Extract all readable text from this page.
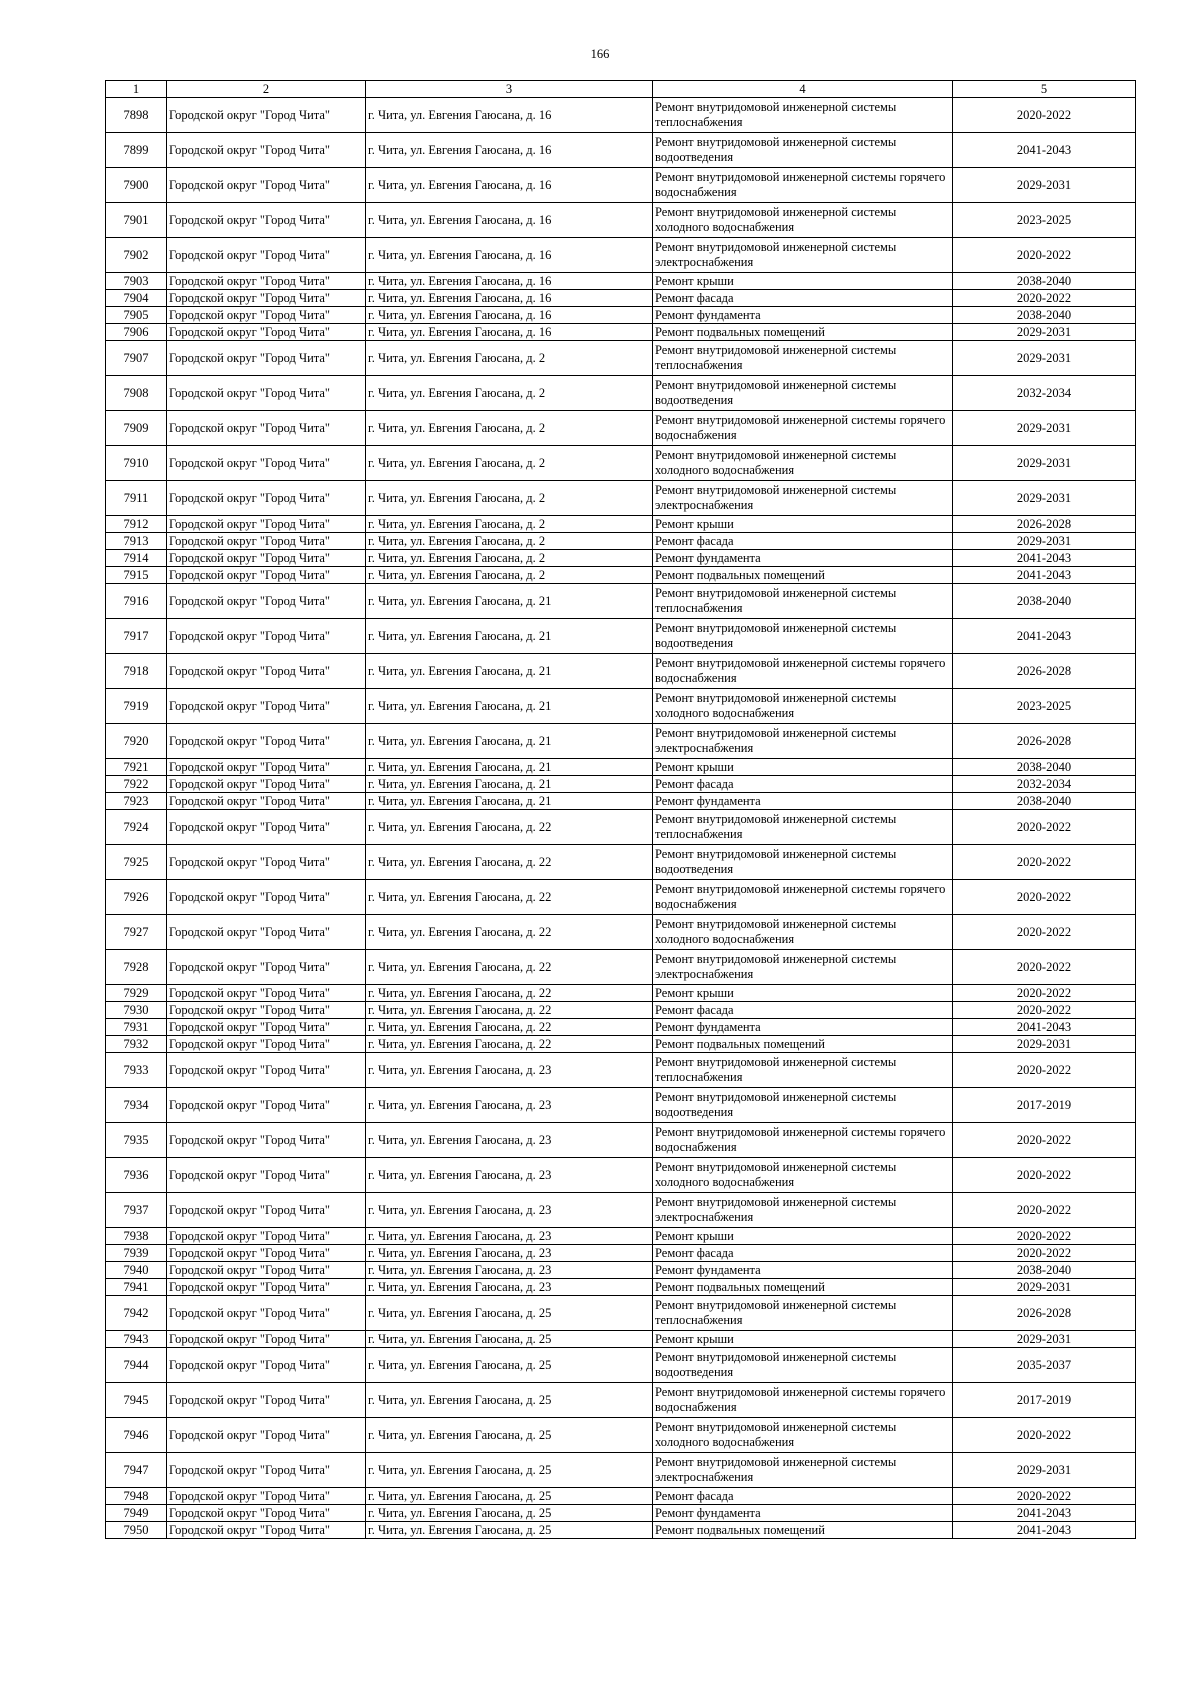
166
1	2	3	4	5
7898	Городской округ "Город Чита"	г. Чита, ул. Евгения Гаюсана, д. 16	Ремонт внутридомовой инженерной системы теплоснабжения	2020-2022
7899	Городской округ "Город Чита"	г. Чита, ул. Евгения Гаюсана, д. 16	Ремонт внутридомовой инженерной системы водоотведения	2041-2043
7900	Городской округ "Город Чита"	г. Чита, ул. Евгения Гаюсана, д. 16	Ремонт внутридомовой инженерной системы горячего водоснабжения	2029-2031
7901	Городской округ "Город Чита"	г. Чита, ул. Евгения Гаюсана, д. 16	Ремонт внутридомовой инженерной системы холодного водоснабжения	2023-2025
7902	Городской округ "Город Чита"	г. Чита, ул. Евгения Гаюсана, д. 16	Ремонт внутридомовой инженерной системы электроснабжения	2020-2022
7903	Городской округ "Город Чита"	г. Чита, ул. Евгения Гаюсана, д. 16	Ремонт крыши	2038-2040
7904	Городской округ "Город Чита"	г. Чита, ул. Евгения Гаюсана, д. 16	Ремонт фасада	2020-2022
7905	Городской округ "Город Чита"	г. Чита, ул. Евгения Гаюсана, д. 16	Ремонт фундамента	2038-2040
7906	Городской округ "Город Чита"	г. Чита, ул. Евгения Гаюсана, д. 16	Ремонт подвальных помещений	2029-2031
7907	Городской округ "Город Чита"	г. Чита, ул. Евгения Гаюсана, д. 2	Ремонт внутридомовой инженерной системы теплоснабжения	2029-2031
7908	Городской округ "Город Чита"	г. Чита, ул. Евгения Гаюсана, д. 2	Ремонт внутридомовой инженерной системы водоотведения	2032-2034
7909	Городской округ "Город Чита"	г. Чита, ул. Евгения Гаюсана, д. 2	Ремонт внутридомовой инженерной системы горячего водоснабжения	2029-2031
7910	Городской округ "Город Чита"	г. Чита, ул. Евгения Гаюсана, д. 2	Ремонт внутридомовой инженерной системы холодного водоснабжения	2029-2031
7911	Городской округ "Город Чита"	г. Чита, ул. Евгения Гаюсана, д. 2	Ремонт внутридомовой инженерной системы электроснабжения	2029-2031
7912	Городской округ "Город Чита"	г. Чита, ул. Евгения Гаюсана, д. 2	Ремонт крыши	2026-2028
7913	Городской округ "Город Чита"	г. Чита, ул. Евгения Гаюсана, д. 2	Ремонт фасада	2029-2031
7914	Городской округ "Город Чита"	г. Чита, ул. Евгения Гаюсана, д. 2	Ремонт фундамента	2041-2043
7915	Городской округ "Город Чита"	г. Чита, ул. Евгения Гаюсана, д. 2	Ремонт подвальных помещений	2041-2043
7916	Городской округ "Город Чита"	г. Чита, ул. Евгения Гаюсана, д. 21	Ремонт внутридомовой инженерной системы теплоснабжения	2038-2040
7917	Городской округ "Город Чита"	г. Чита, ул. Евгения Гаюсана, д. 21	Ремонт внутридомовой инженерной системы водоотведения	2041-2043
7918	Городской округ "Город Чита"	г. Чита, ул. Евгения Гаюсана, д. 21	Ремонт внутридомовой инженерной системы горячего водоснабжения	2026-2028
7919	Городской округ "Город Чита"	г. Чита, ул. Евгения Гаюсана, д. 21	Ремонт внутридомовой инженерной системы холодного водоснабжения	2023-2025
7920	Городской округ "Город Чита"	г. Чита, ул. Евгения Гаюсана, д. 21	Ремонт внутридомовой инженерной системы электроснабжения	2026-2028
7921	Городской округ "Город Чита"	г. Чита, ул. Евгения Гаюсана, д. 21	Ремонт крыши	2038-2040
7922	Городской округ "Город Чита"	г. Чита, ул. Евгения Гаюсана, д. 21	Ремонт фасада	2032-2034
7923	Городской округ "Город Чита"	г. Чита, ул. Евгения Гаюсана, д. 21	Ремонт фундамента	2038-2040
7924	Городской округ "Город Чита"	г. Чита, ул. Евгения Гаюсана, д. 22	Ремонт внутридомовой инженерной системы теплоснабжения	2020-2022
7925	Городской округ "Город Чита"	г. Чита, ул. Евгения Гаюсана, д. 22	Ремонт внутридомовой инженерной системы водоотведения	2020-2022
7926	Городской округ "Город Чита"	г. Чита, ул. Евгения Гаюсана, д. 22	Ремонт внутридомовой инженерной системы горячего водоснабжения	2020-2022
7927	Городской округ "Город Чита"	г. Чита, ул. Евгения Гаюсана, д. 22	Ремонт внутридомовой инженерной системы холодного водоснабжения	2020-2022
7928	Городской округ "Город Чита"	г. Чита, ул. Евгения Гаюсана, д. 22	Ремонт внутридомовой инженерной системы электроснабжения	2020-2022
7929	Городской округ "Город Чита"	г. Чита, ул. Евгения Гаюсана, д. 22	Ремонт крыши	2020-2022
7930	Городской округ "Город Чита"	г. Чита, ул. Евгения Гаюсана, д. 22	Ремонт фасада	2020-2022
7931	Городской округ "Город Чита"	г. Чита, ул. Евгения Гаюсана, д. 22	Ремонт фундамента	2041-2043
7932	Городской округ "Город Чита"	г. Чита, ул. Евгения Гаюсана, д. 22	Ремонт подвальных помещений	2029-2031
7933	Городской округ "Город Чита"	г. Чита, ул. Евгения Гаюсана, д. 23	Ремонт внутридомовой инженерной системы теплоснабжения	2020-2022
7934	Городской округ "Город Чита"	г. Чита, ул. Евгения Гаюсана, д. 23	Ремонт внутридомовой инженерной системы водоотведения	2017-2019
7935	Городской округ "Город Чита"	г. Чита, ул. Евгения Гаюсана, д. 23	Ремонт внутридомовой инженерной системы горячего водоснабжения	2020-2022
7936	Городской округ "Город Чита"	г. Чита, ул. Евгения Гаюсана, д. 23	Ремонт внутридомовой инженерной системы холодного водоснабжения	2020-2022
7937	Городской округ "Город Чита"	г. Чита, ул. Евгения Гаюсана, д. 23	Ремонт внутридомовой инженерной системы электроснабжения	2020-2022
7938	Городской округ "Город Чита"	г. Чита, ул. Евгения Гаюсана, д. 23	Ремонт крыши	2020-2022
7939	Городской округ "Город Чита"	г. Чита, ул. Евгения Гаюсана, д. 23	Ремонт фасада	2020-2022
7940	Городской округ "Город Чита"	г. Чита, ул. Евгения Гаюсана, д. 23	Ремонт фундамента	2038-2040
7941	Городской округ "Город Чита"	г. Чита, ул. Евгения Гаюсана, д. 23	Ремонт подвальных помещений	2029-2031
7942	Городской округ "Город Чита"	г. Чита, ул. Евгения Гаюсана, д. 25	Ремонт внутридомовой инженерной системы теплоснабжения	2026-2028
7943	Городской округ "Город Чита"	г. Чита, ул. Евгения Гаюсана, д. 25	Ремонт крыши	2029-2031
7944	Городской округ "Город Чита"	г. Чита, ул. Евгения Гаюсана, д. 25	Ремонт внутридомовой инженерной системы водоотведения	2035-2037
7945	Городской округ "Город Чита"	г. Чита, ул. Евгения Гаюсана, д. 25	Ремонт внутридомовой инженерной системы горячего водоснабжения	2017-2019
7946	Городской округ "Город Чита"	г. Чита, ул. Евгения Гаюсана, д. 25	Ремонт внутридомовой инженерной системы холодного водоснабжения	2020-2022
7947	Городской округ "Город Чита"	г. Чита, ул. Евгения Гаюсана, д. 25	Ремонт внутридомовой инженерной системы электроснабжения	2029-2031
7948	Городской округ "Город Чита"	г. Чита, ул. Евгения Гаюсана, д. 25	Ремонт фасада	2020-2022
7949	Городской округ "Город Чита"	г. Чита, ул. Евгения Гаюсана, д. 25	Ремонт фундамента	2041-2043
7950	Городской округ "Город Чита"	г. Чита, ул. Евгения Гаюсана, д. 25	Ремонт подвальных помещений	2041-2043
